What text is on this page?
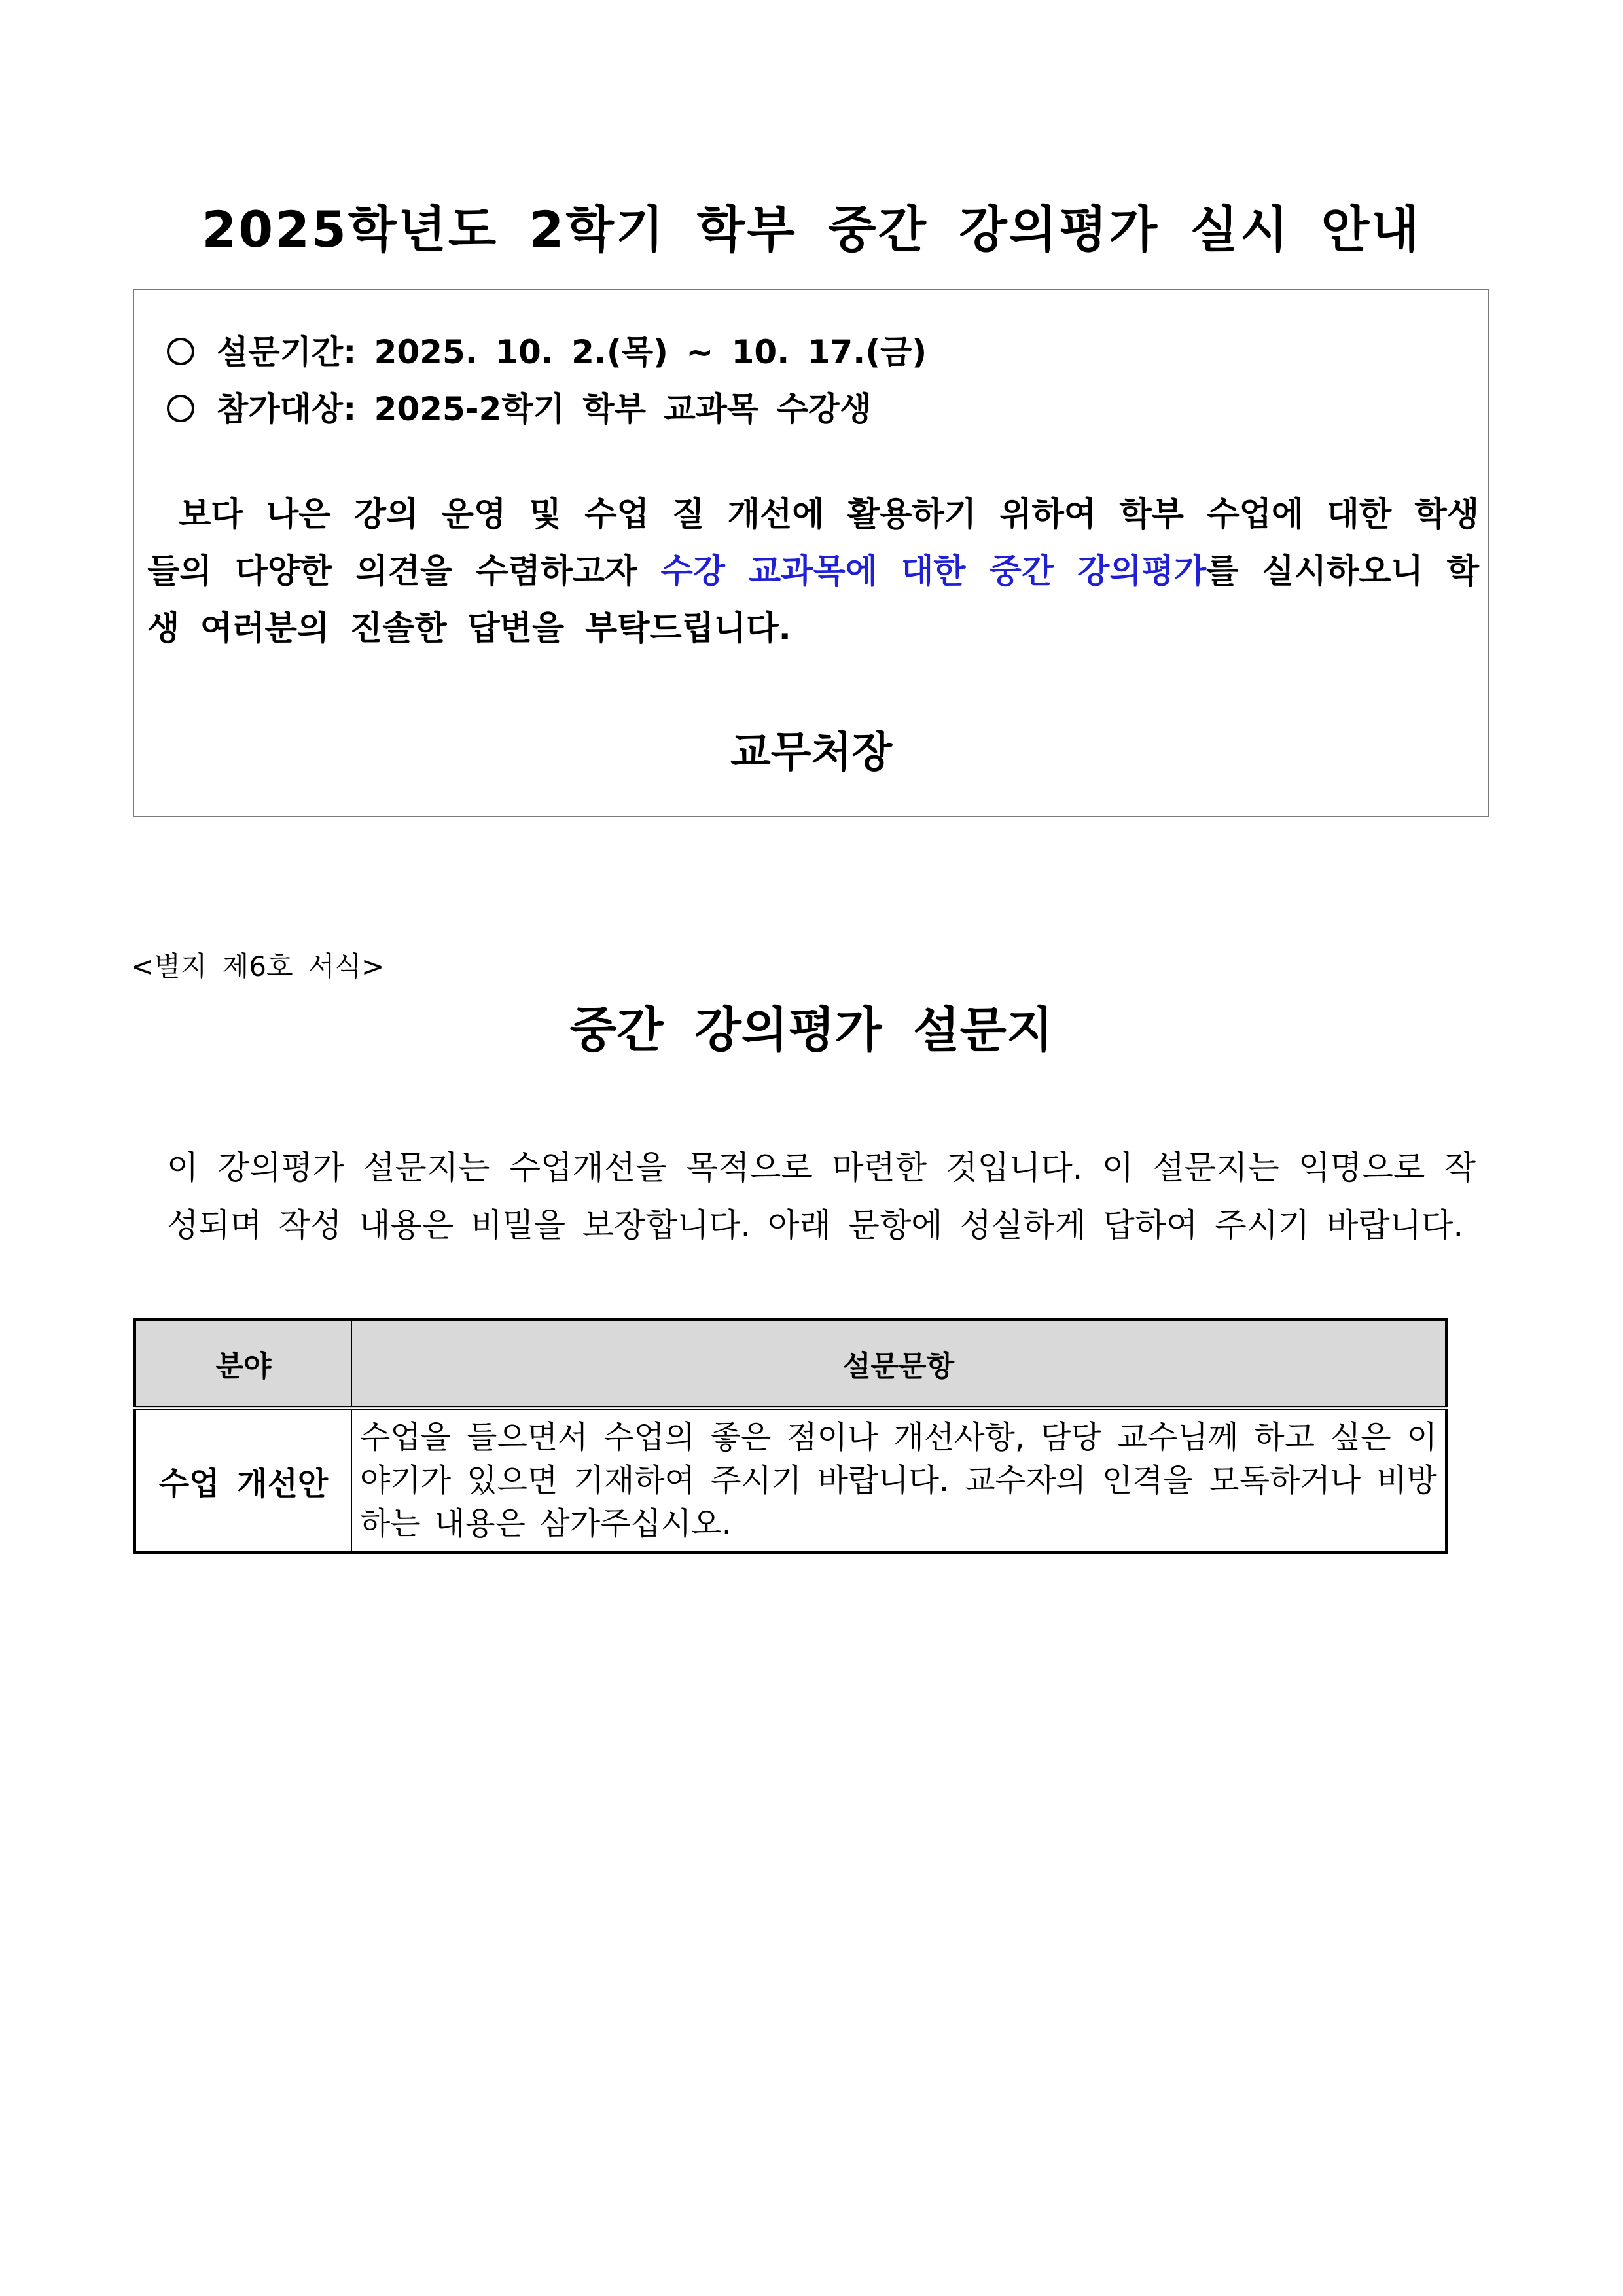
2025학년도 2학기 학부 중간 강의평가 실시 안내
설문기간: 2025. 10. 2.(목) ~ 10. 17.(금)
참가대상: 2025-2학기 학부 교과목 수강생
보다 나은 강의 운영 및 수업 질 개선에 활용하기 위하여 학부 수업에 대한 학생들의 다양한 의견을 수렴하고자 수강 교과목에 대한 중간 강의평가를 실시하오니 학생 여러분의 진솔한 답변을 부탁드립니다.
교무처장
<별지 제6호 서식>
중간 강의평가 설문지
이 강의평가 설문지는 수업개선을 목적으로 마련한 것입니다. 이 설문지는 익명으로 작성되며 작성 내용은 비밀을 보장합니다. 아래 문항에 성실하게 답하여 주시기 바랍니다.
분야	설문문항
수업 개선안	수업을 들으면서 수업의 좋은 점이나 개선사항, 담당 교수님께 하고 싶은 이야기가 있으면 기재하여 주시기 바랍니다. 교수자의 인격을 모독하거나 비방하는 내용은 삼가주십시오.
